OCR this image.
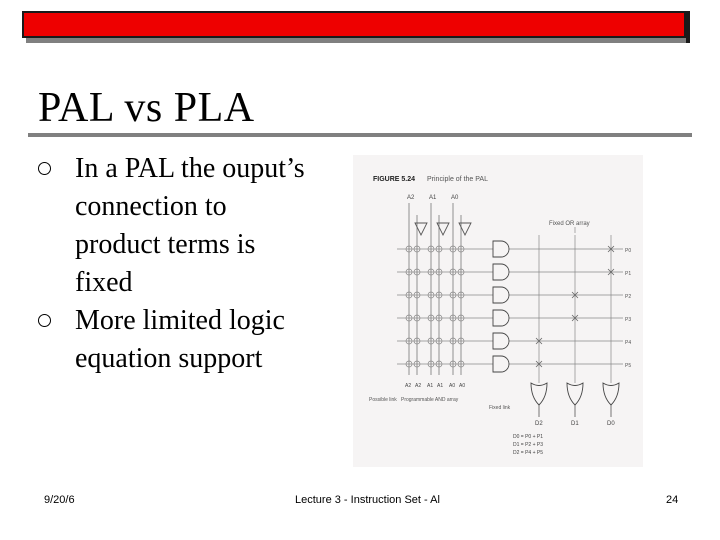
PAL vs PLA
In a PAL the ouput’s connection to product terms is fixed
More limited logic equation support
FIGURE 5.24 Principle of the PAL
A2 A1 A0
Fixed OR array
P0
P1
P2
P3
P4
P5
A2 A2 A1 A1 A0 A0
D2	D1	D0
Possible link Programmable AND array
Fixed link
D0 = P0 + P1
D1 = P2 + P3
D2 = P4 + P5
9/20/6	Lecture 3 - Instruction Set - Al	24
